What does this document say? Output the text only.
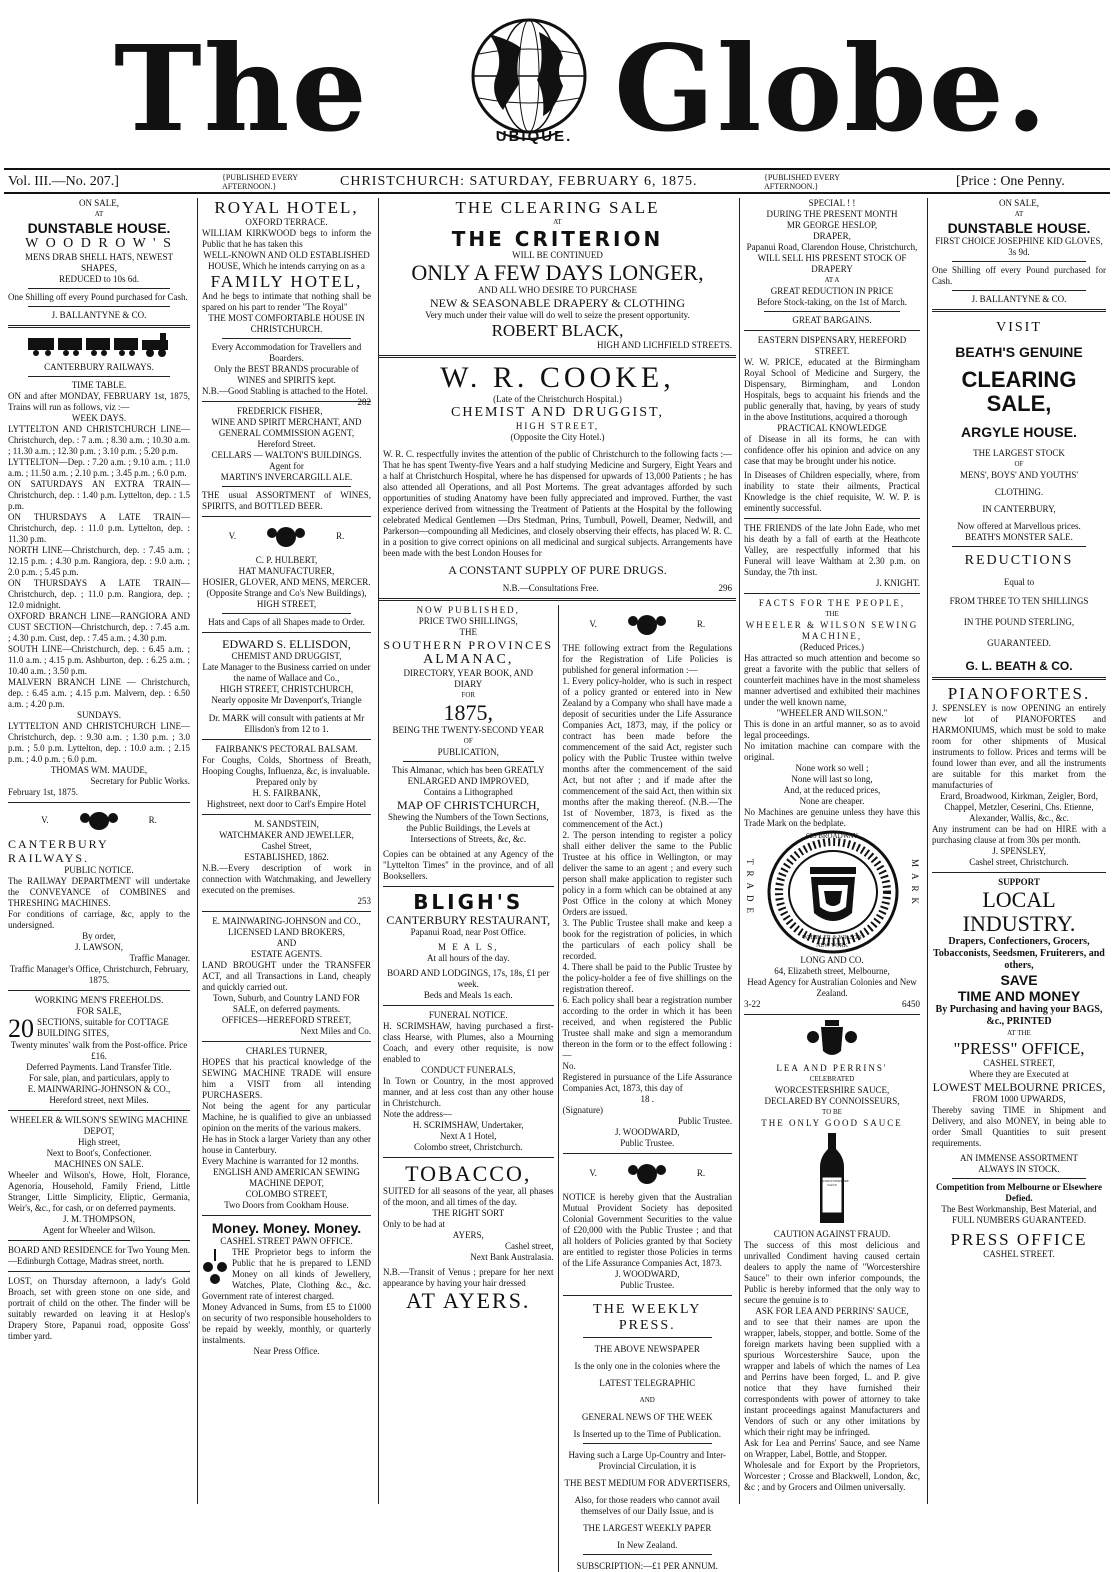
The	UBIQUE. Globe.
Vol. III.—No. 207.]	{PUBLISHED EVERY
AFTERNOON.}	CHRISTCHURCH: SATURDAY, FEBRUARY 6, 1875.	{PUBLISHED EVERY
AFTERNOON.}	[Price : One Penny.

ON SALE,

AT

DUNSTABLE HOUSE.

W O O D R O W ' S

MENS DRAB SHELL HATS, NEWEST SHAPES,

REDUCED to 10s 6d.

One Shilling off every Pound purchased for Cash.

J. BALLANTYNE & CO.

CANTERBURY RAILWAYS.

TIME TABLE.

ON and after MONDAY, FEBRUARY 1st, 1875, Trains will run as follows, viz :—

WEEK DAYS.

LYTTELTON AND CHRISTCHURCH LINE—Christchurch, dep. : 7 a.m. ; 8.30 a.m. ; 10.30 a.m. ; 11.30 a.m. ; 12.30 p.m. ; 3.10 p.m. ; 5.20 p.m.

LYTTELTON—Dep. : 7.20 a.m. ; 9.10 a.m. ; 11.0 a.m. ; 11.50 a.m. ; 2.10 p.m. ; 3.45 p.m. ; 6.0 p.m.

ON SATURDAYS AN EXTRA TRAIN—Christchurch, dep. : 1.40 p.m. Lyttelton, dep. : 1.5 p.m.

ON THURSDAYS A LATE TRAIN—Christchurch, dep. : 11.0 p.m. Lyttelton, dep. : 11.30 p.m.

NORTH LINE—Christchurch, dep. : 7.45 a.m. ; 12.15 p.m. ; 4.30 p.m. Rangiora, dep. : 9.0 a.m. ; 2.0 p.m. ; 5.45 p.m.

ON THURSDAYS A LATE TRAIN—Christchurch, dep. ; 11.0 p.m. Rangiora, dep. ; 12.0 midnight.

OXFORD BRANCH LINE—RANGIORA AND CUST SECTION—Christchurch, dep. : 7.45 a.m. ; 4.30 p.m. Cust, dep. : 7.45 a.m. ; 4.30 p.m.

SOUTH LINE—Christchurch, dep. : 6.45 a.m. ; 11.0 a.m. ; 4.15 p.m. Ashburton, dep. : 6.25 a.m. ; 10.40 a.m. ; 3.50 p.m.

MALVERN BRANCH LINE — Christchurch, dep. : 6.45 a.m. ; 4.15 p.m. Malvern, dep. : 6.50 a.m. ; 4.20 p.m.

SUNDAYS.

LYTTELTON AND CHRISTCHURCH LINE—Christchurch, dep. : 9.30 a.m. ; 1.30 p.m. ; 3.0 p.m. ; 5.0 p.m. Lyttelton, dep. : 10.0 a.m. ; 2.15 p.m. ; 4.0 p.m. ; 6.0 p.m.

THOMAS WM. MAUDE,

Secretary for Public Works.

February 1st, 1875.

V.	R.

CANTERBURY RAILWAYS.

PUBLIC NOTICE.

The RAILWAY DEPARTMENT will undertake the CONVEYANCE of COMBINES and THRESHING MACHINES.

For conditions of carriage, &c, apply to the undersigned.

By order,

J. LAWSON,

Traffic Manager.

Traffic Manager's Office, Christchurch, February, 1875.

WORKING MEN'S FREEHOLDS.

FOR SALE,

20 SECTIONS, suitable for COTTAGE BUILDING SITES,

Twenty minutes' walk from the Post-office. Price £16.

Deferred Payments. Land Transfer Title.

For sale, plan, and particulars, apply to

E. MAINWARING-JOHNSON & CO.,

Hereford street, next Miles.

WHEELER & WILSON'S SEWING MACHINE DEPOT,

High street,

Next to Boot's, Confectioner.

MACHINES ON SALE.

Wheeler and Wilson's, Howe, Holt, Florance, Agenoria, Household, Family Friend, Little Stranger, Little Simplicity, Eliptic, Germania, Weir's, &c., for cash, or on deferred payments.

J. M. THOMPSON,

Agent for Wheeler and Wilson.

BOARD AND RESIDENCE for Two Young Men.—Edinburgh Cottage, Madras street, north.

LOST, on Thursday afternoon, a lady's Gold Broach, set with green stone on one side, and portrait of child on the other. The finder will be suitably rewarded on leaving it at Heslop's Drapery Store, Papanui road, opposite Goss' timber yard.

ROYAL HOTEL,

OXFORD TERRACE.

WILLIAM KIRKWOOD begs to inform the Public that he has taken this

WELL-KNOWN AND OLD ESTABLISHED HOUSE, Which he intends carrying on as a

FAMILY HOTEL,

And he begs to intimate that nothing shall be spared on his part to render "The Royal"

THE MOST COMFORTABLE HOUSE IN CHRISTCHURCH.

Every Accommodation for Travellers and Boarders.

Only the BEST BRANDS procurable of WINES and SPIRITS kept.

N.B.—Good Stabling is attached to the Hotel.
282

FREDERICK FISHER,

WINE AND SPIRIT MERCHANT, AND

GENERAL COMMISSION AGENT,

Hereford Street.

CELLARS — WALTON'S BUILDINGS.

Agent for

MARTIN'S INVERCARGILL ALE.

THE usual ASSORTMENT of WINES, SPIRITS, and BOTTLED BEER.

V.	R.

C. P. HULBERT,

HAT MANUFACTURER,

HOSIER, GLOVER, AND MENS, MERCER.

(Opposite Strange and Co's New Buildings), HIGH STREET,

Hats and Caps of all Shapes made to Order.

EDWARD S. ELLISDON,

CHEMIST AND DRUGGIST,

Late Manager to the Business carried on under the name of Wallace and Co.,

HIGH STREET, CHRISTCHURCH,

Nearly opposite Mr Davenport's, Triangle

Dr. MARK will consult with patients at Mr Ellisdon's from 12 to 1.

FAIRBANK'S PECTORAL BALSAM.

For Coughs, Colds, Shortness of Breath, Hooping Coughs, Influenza, &c, is invaluable.

Prepared only by

H. S. FAIRBANK,

Highstreet, next door to Carl's Empire Hotel

M. SANDSTEIN,

WATCHMAKER AND JEWELLER,

Cashel Street,

ESTABLISHED, 1862.

N.B.—Every description of work in connection with Watchmaking, and Jewellery executed on the premises.

253

E. MAINWARING-JOHNSON and CO.,

LICENSED LAND BROKERS,

AND

ESTATE AGENTS.

LAND BROUGHT under the TRANSFER ACT, and all Transactions in Land, cheaply and quickly carried out.

Town, Suburb, and Country LAND FOR SALE, on deferred payments.

OFFICES—HEREFORD STREET,

Next Miles and Co.

CHARLES TURNER,

HOPES that his practical knowledge of the SEWING MACHINE TRADE will ensure him a VISIT from all intending PURCHASERS.

Not being the agent for any particular Machine, he is qualified to give an unbiassed opinion on the merits of the various makers.

He has in Stock a larger Variety than any other house in Canterbury.

Every Machine is warranted for 12 months.

ENGLISH AND AMERICAN SEWING MACHINE DEPOT,

COLOMBO STREET,

Two Doors from Cookham House.

Money. Money. Money.

CASHEL STREET PAWN OFFICE.

THE Proprietor begs to inform the Public that he is prepared to LEND Money on all kinds of Jewellery, Watches, Plate, Clothing &c., &c. Government rate of interest charged.

Money Advanced in Sums, from £5 to £1000 on security of two responsible householders to be repaid by weekly, monthly, or quarterly instalments.

Near Press Office.

THE CLEARING SALE

AT

THE CRITERION

WILL BE CONTINUED

ONLY A FEW DAYS LONGER,

AND ALL WHO DESIRE TO PURCHASE

NEW & SEASONABLE DRAPERY & CLOTHING

Very much under their value will do well to seize the present opportunity.

ROBERT BLACK,

HIGH AND LICHFIELD STREETS.

W. R. COOKE,

(Late of the Christchurch Hospital.)

CHEMIST AND DRUGGIST,

HIGH STREET,

(Opposite the City Hotel.)

W. R. C. respectfully invites the attention of the public of Christchurch to the following facts :—That he has spent Twenty-five Years and a half studying Medicine and Surgery, Eight Years and a half at Christchurch Hospital, where he has dispensed for upwards of 13,000 Patients ; he has also attended all Operations, and all Post Mortems. The great advantages afforded by such opportunities of studing Anatomy have been fully appreciated and improved. Further, the vast experience derived from witnessing the Treatment of Patients at the Hospital by the following celebrated Medical Gentlemen —Drs Stedman, Prins, Turnbull, Powell, Deamer, Nedwill, and Parkerson—compounding all Medicines, and closely observing their effects, has placed W. R. C. in a position to give correct opinions on all medicinal and surgical subjects. Arrangements have been made with the best London Houses for

A CONSTANT SUPPLY OF PURE DRUGS.

N.B.—Consultations Free.	296

NOW PUBLISHED,

PRICE TWO SHILLINGS,

THE

SOUTHERN PROVINCES

ALMANAC,

DIRECTORY, YEAR BOOK, AND

DIARY

FOR

1875,

BEING THE TWENTY-SECOND YEAR

OF

PUBLICATION,

This Almanac, which has been GREATLY ENLARGED AND IMPROVED,

Contains a Lithographed

MAP OF CHRISTCHURCH,

Shewing the Numbers of the Town Sections, the Public Buildings, the Levels at Intersections of Streets, &c, &c.

Copies can be obtained at any Agency of the "Lyttelton Times" in the province, and of all Booksellers.

BLIGH'S

CANTERBURY RESTAURANT,

Papanui Road, near Post Office.

M E A L S,

At all hours of the day.

BOARD AND LODGINGS, 17s, 18s, £1 per week.

Beds and Meals 1s each.

FUNERAL NOTICE.

H. SCRIMSHAW, having purchased a first-class Hearse, with Plumes, also a Mourning Coach, and every other requisite, is now enabled to

CONDUCT FUNERALS,

In Town or Country, in the most approved manner, and at less cost than any other house in Christchurch.

Note the address—

H. SCRIMSHAW, Undertaker,

Next A 1 Hotel,

Colombo street, Christchurch.

TOBACCO,

SUITED for all seasons of the year, all phases of the moon, and all times of the day.

THE RIGHT SORT

Only to be had at

AYERS,

Cashel street,

Next Bank Australasia.

N.B.—Transit of Venus ; prepare for her next appearance by having your hair dressed

AT AYERS.

V.	R.

THE following extract from the Regulations for the Registration of Life Policies is published for general information :—

1. Every policy-holder, who is such in respect of a policy granted or entered into in New Zealand by a Company who shall have made a deposit of securities under the Life Assurance Companies Act, 1873, may, if the policy or contract has been made before the commencement of the said Act, register such policy with the Public Trustee within twelve months after the commencement of the said Act, but not after ; and if made after the commencement of the said Act, then within six months after the making thereof. (N.B.—The 1st of November, 1873, is fixed as the commencement of the Act.)

2. The person intending to register a policy shall either deliver the same to the Public Trustee at his office in Wellington, or may deliver the same to an agent ; and every such person shall make application to register such policy in a form which can be obtained at any Post Office in the colony at which Money Orders are issued.

3. The Public Trustee shall make and keep a book for the registration of policies, in which the particulars of each policy shall be recorded.

4. There shall be paid to the Public Trustee by the policy-holder a fee of five shillings on the registration thereof.

6. Each policy shall bear a registration number according to the order in which it has been received, and when registered the Public Trustee shall make and sign a memorandum thereon in the form or to the effect following :—

No.

Registered in pursuance of the Life Assurance Companies Act, 1873, this day of

18 .

(Signature)

Public Trustee.

J. WOODWARD,

Public Trustee.

V.	R.

NOTICE is hereby given that the Australian Mutual Provident Society has deposited Colonial Government Securities to the value of £20,000 with the Public Trustee ; and that all holders of Policies granted by that Society are entitled to register those Policies in terms of the Life Assurance Companies Act, 1873.

J. WOODWARD,

Public Trustee.

THE WEEKLY PRESS.

THE ABOVE NEWSPAPER

Is the only one in the colonies where the

LATEST TELEGRAPHIC

AND

GENERAL NEWS OF THE WEEK

Is Inserted up to the Time of Publication.

Having such a Large Up-Country and Inter-Provincial Circulation, it is

THE BEST MEDIUM FOR ADVERTISERS,

Also, for those readers who cannot avail themselves of our Daily Issue, and is

THE LARGEST WEEKLY PAPER

In New Zealand.

SUBSCRIPTION:—£1 PER ANNUM.

SPECIAL ! !

DURING THE PRESENT MONTH

MR GEORGE HESLOP,

DRAPER,

Papanui Road, Clarendon House, Christchurch,

WILL SELL HIS PRESENT STOCK OF DRAPERY

AT A

GREAT REDUCTION IN PRICE

Before Stock-taking, on the 1st of March.

GREAT BARGAINS.

EASTERN DISPENSARY, HEREFORD STREET.

W. W. PRICE, educated at the Birmingham Royal School of Medicine and Surgery, the Dispensary, Birmingham, and London Hospitals, begs to acquaint his friends and the public generally that, having, by years of study in the above Institutions, acquired a thorough

PRACTICAL KNOWLEDGE

of Disease in all its forms, he can with confidence offer his opinion and advice on any case that may be brought under his notice.

In Diseases of Children especially, where, from inability to state their ailments, Practical Knowledge is the chief requisite, W. W. P. is eminently successful.

THE FRIENDS of the late John Eade, who met his death by a fall of earth at the Heathcote Valley, are respectfully informed that his Funeral will leave Waltham at 2.30 p.m. on Sunday, the 7th inst.

J. KNIGHT.

FACTS FOR THE PEOPLE,

THE

WHEELER & WILSON SEWING MACHINE,

(Reduced Prices.)

Has attracted so much attention and become so great a favorite with the public that sellers of counterfeit machines have in the most shameless manner advertised and exhibited their machines under the well known name,

"WHEELER AND WILSON."

This is done in an artful manner, so as to avoid legal proceedings.

No imitation machine can compare with the original.

None work so well ;

None will last so long,

And, at the reduced prices,

None are cheaper.

No Machines are genuine unless they have this Trade Mark on the bedplate.

TRADE
625 BROADWAY
WHEELER & WILSON
NEW YORK
MARK

LONG AND CO.

64, Elizabeth street, Melbourne,

Head Agency for Australian Colonies and New Zealand.

3-22	6450

LEA AND PERRINS'

CELEBRATED

WORCESTERSHIRE SAUCE,

DECLARED BY CONNOISSEURS,

TO BE

THE ONLY GOOD SAUCE

WORCESTERSHIRE SAUCE

CAUTION AGAINST FRAUD.

The success of this most delicious and unrivalled Condiment having caused certain dealers to apply the name of "Worcestershire Sauce" to their own inferior compounds, the Public is hereby informed that the only way to secure the genuine is to

ASK FOR LEA AND PERRINS' SAUCE,

and to see that their names are upon the wrapper, labels, stopper, and bottle. Some of the foreign markets having been supplied with a spurious Worcestershire Sauce, upon the wrapper and labels of which the names of Lea and Perrins have been forged, L. and P. give notice that they have furnished their correspondents with power of attorney to take instant proceedings against Manufacturers and Vendors of such or any other imitations by which their right may be infringed.

Ask for Lea and Perrins' Sauce, and see Name on Wrapper, Label, Bottle, and Stopper.

Wholesale and for Export by the Proprietors, Worcester ; Crosse and Blackwell, London, &c, &c ; and by Grocers and Oilmen universally.

ON SALE,

AT

DUNSTABLE HOUSE.

FIRST CHOICE JOSEPHINE KID GLOVES, 3s 9d.

One Shilling off every Pound purchased for Cash.

J. BALLANTYNE & CO.

VISIT

BEATH'S GENUINE

CLEARING SALE,

ARGYLE HOUSE.

THE LARGEST STOCK

OF

MENS', BOYS' AND YOUTHS'

CLOTHING.

IN CANTERBURY,

Now offered at Marvellous prices.

BEATH'S MONSTER SALE.

REDUCTIONS

Equal to

FROM THREE TO TEN SHILLINGS

IN THE POUND STERLING,

GUARANTEED.

G. L. BEATH & CO.

PIANOFORTES.

J. SPENSLEY is now OPENING an entirely new lot of PIANOFORTES and HARMONIUMS, which must be sold to make room for other shipments of Musical instruments to follow. Prices and terms will be found lower than ever, and all the instruments are suitable for this market from the manufacturies of

Erard, Broadwood, Kirkman, Zeigler, Bord, Chappel, Metzler, Ceserini, Chs. Etienne, Alexander, Wallis, &c., &c.

Any instrument can be had on HIRE with a purchasing clause at from 30s per month.

J. SPENSLEY,

Cashel street, Christchurch.

SUPPORT

LOCAL INDUSTRY.

Drapers, Confectioners, Grocers, Tobacconists, Seedsmen, Fruiterers, and others,

SAVE

TIME AND MONEY

By Purchasing and having your BAGS, &c., PRINTED

AT THE

"PRESS" OFFICE,

CASHEL STREET,

Where they are Executed at

LOWEST MELBOURNE PRICES,

FROM 1000 UPWARDS,

Thereby saving TIME in Shipment and Delivery, and also MONEY, in being able to order Small Quantities to suit present requirements.

AN IMMENSE ASSORTMENT

ALWAYS IN STOCK.

Competition from Melbourne or Elsewhere Defied.

The Best Workmanship, Best Material, and

FULL NUMBERS GUARANTEED.

PRESS OFFICE

CASHEL STREET.
